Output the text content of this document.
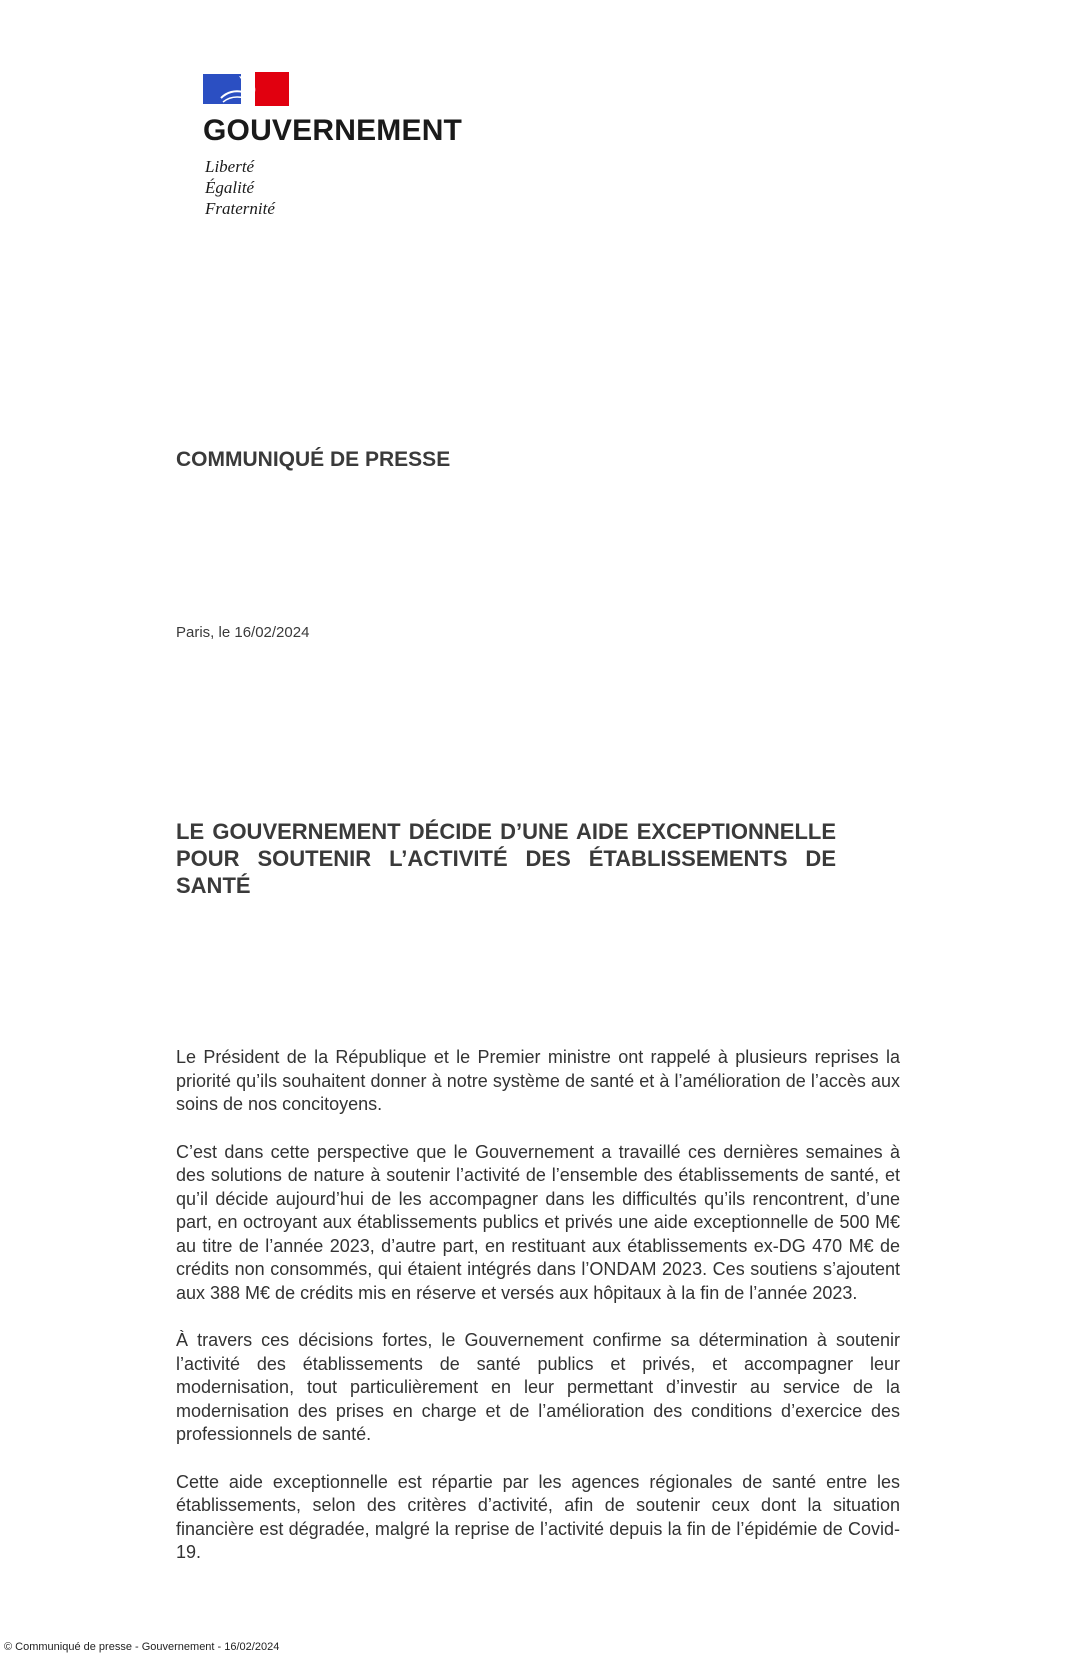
GOUVERNEMENT
Liberté
Égalité
Fraternité
COMMUNIQUÉ DE PRESSE
Paris, le 16/02/2024
LE GOUVERNEMENT DÉCIDE D’UNE AIDE EXCEPTIONNELLE POUR SOUTENIR L’ACTIVITÉ DES ÉTABLISSEMENTS DE SANTÉ

Le Président de la République et le Premier ministre ont rappelé à plusieurs reprises la priorité qu’ils souhaitent donner à notre système de santé et à l’amélioration de l’accès aux soins de nos concitoyens.

C’est dans cette perspective que le Gouvernement a travaillé ces dernières semaines à des solutions de nature à soutenir l’activité de l’ensemble des établissements de santé, et qu’il décide aujourd’hui de les accompagner dans les difficultés qu’ils rencontrent, d’une part, en octroyant aux établissements publics et privés une aide exceptionnelle de 500 M€ au titre de l’année 2023, d’autre part, en restituant aux établissements ex-DG 470 M€ de crédits non consommés, qui étaient intégrés dans l’ONDAM 2023. Ces soutiens s’ajoutent aux 388 M€ de crédits mis en réserve et versés aux hôpitaux à la fin de l’année 2023.

À travers ces décisions fortes, le Gouvernement confirme sa détermination à soutenir l’activité des établissements de santé publics et privés, et accompagner leur modernisation, tout particulièrement en leur permettant d’investir au service de la modernisation des prises en charge et de l’amélioration des conditions d’exercice des professionnels de santé.

Cette aide exceptionnelle est répartie par les agences régionales de santé entre les établissements, selon des critères d’activité, afin de soutenir ceux dont la situation financière est dégradée, malgré la reprise de l’activité depuis la fin de l’épidémie de Covid-19.

© Communiqué de presse - Gouvernement - 16/02/2024
